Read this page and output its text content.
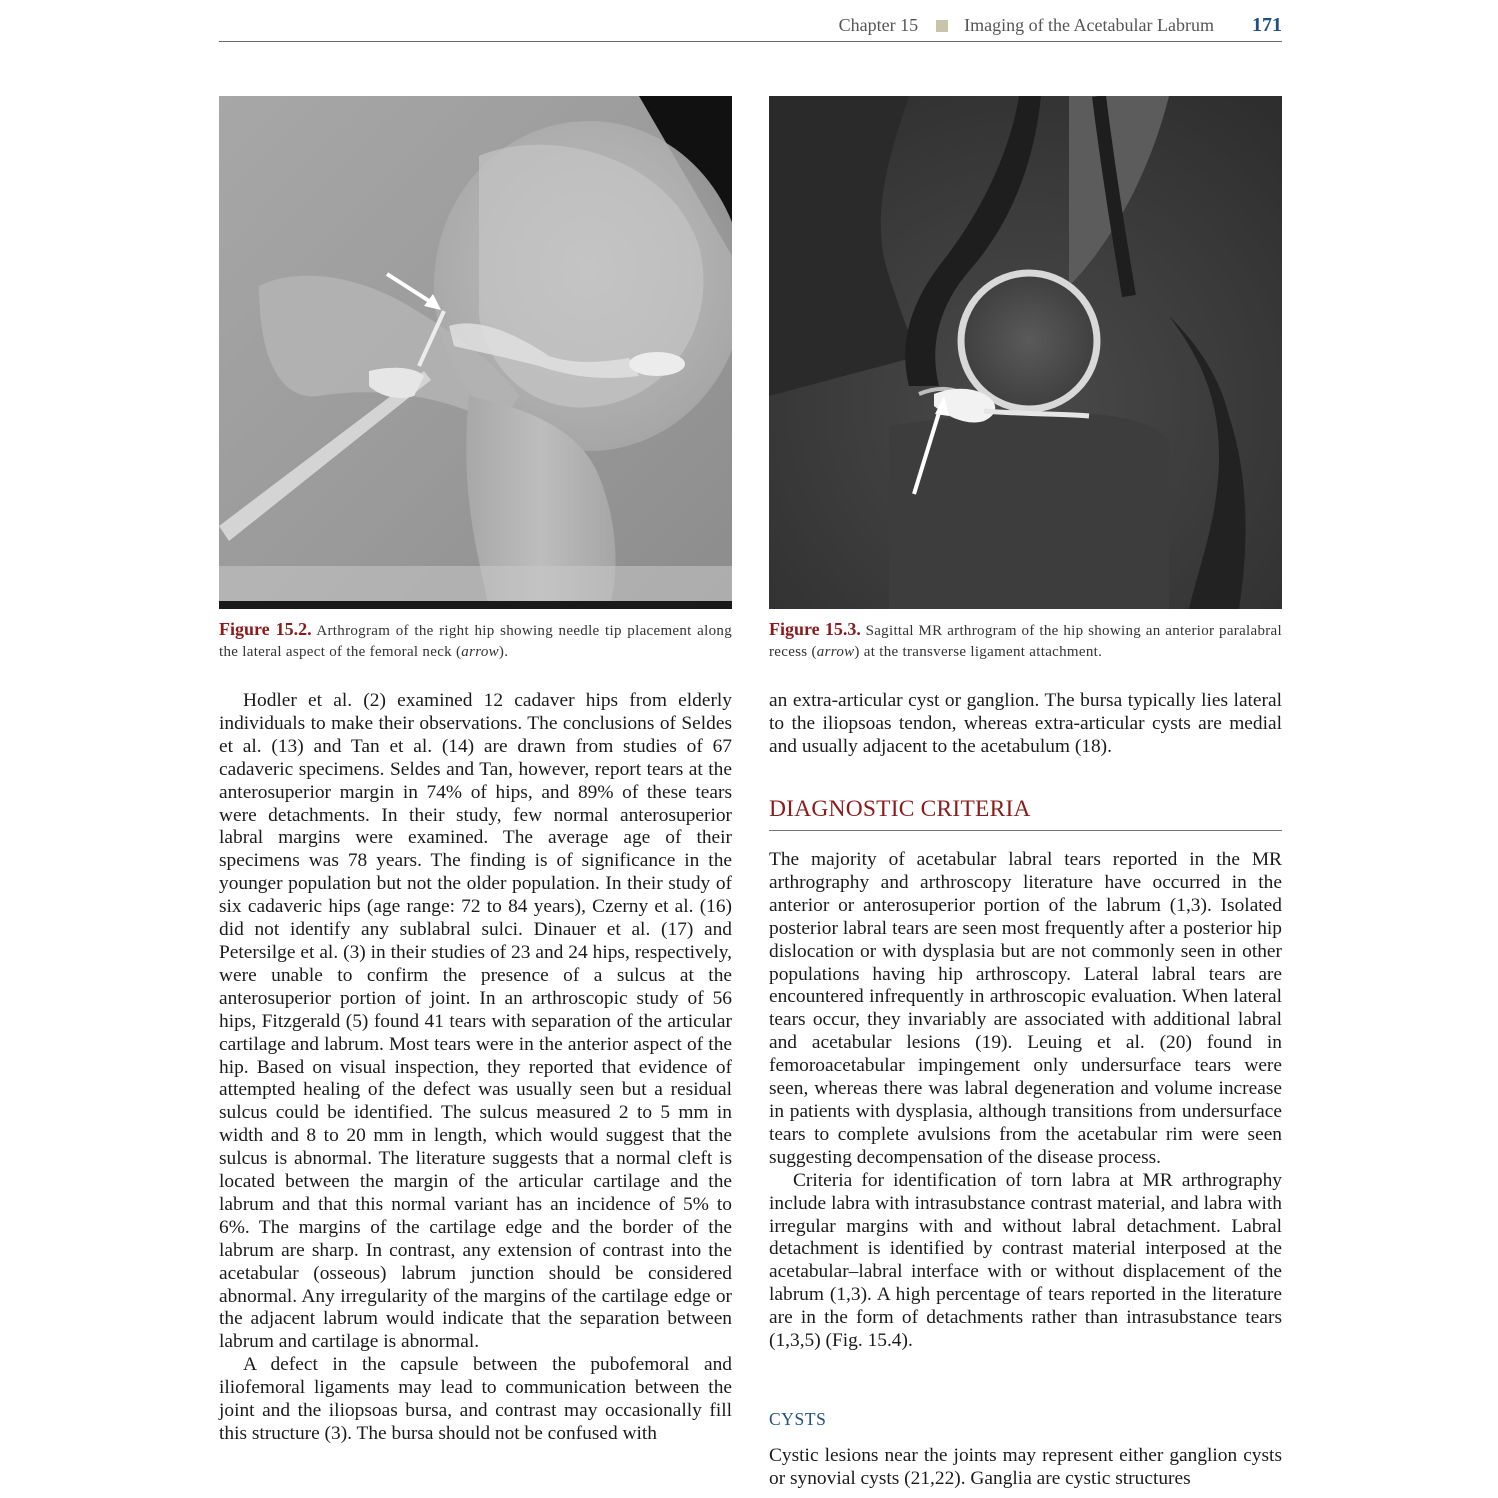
Chapter 15	Imaging of the Acetabular Labrum 171
Figure 15.2. Arthrogram of the right hip showing needle tip placement along the lateral aspect of the femoral neck (arrow).
Figure 15.3. Sagittal MR arthrogram of the hip showing an anterior paralabral recess (arrow) at the transverse ligament attachment.

Hodler et al. (2) examined 12 cadaver hips from elderly individuals to make their observations. The conclusions of Seldes et al. (13) and Tan et al. (14) are drawn from studies of 67 cadaveric specimens. Seldes and Tan, however, report tears at the anterosuperior margin in 74% of hips, and 89% of these tears were detachments. In their study, few normal anterosuperior labral margins were examined. The average age of their specimens was 78 years. The finding is of significance in the younger population but not the older population. In their study of six cadaveric hips (age range: 72 to 84 years), Czerny et al. (16) did not identify any sublabral sulci. Dinauer et al. (17) and Petersilge et al. (3) in their studies of 23 and 24 hips, respectively, were unable to confirm the presence of a sulcus at the anterosuperior portion of joint. In an arthroscopic study of 56 hips, Fitzgerald (5) found 41 tears with separation of the articular cartilage and labrum. Most tears were in the anterior aspect of the hip. Based on visual inspection, they reported that evidence of attempted healing of the defect was usually seen but a residual sulcus could be identified. The sulcus measured 2 to 5 mm in width and 8 to 20 mm in length, which would suggest that the sulcus is abnormal. The literature suggests that a normal cleft is located between the margin of the articular cartilage and the labrum and that this normal variant has an incidence of 5% to 6%. The margins of the cartilage edge and the border of the labrum are sharp. In contrast, any extension of contrast into the acetabular (osseous) labrum junction should be considered abnormal. Any irregularity of the margins of the cartilage edge or the adjacent labrum would indicate that the separation between labrum and cartilage is abnormal.

A defect in the capsule between the pubofemoral and iliofemoral ligaments may lead to communication between the joint and the iliopsoas bursa, and contrast may occasionally fill this structure (3). The bursa should not be confused with

an extra-articular cyst or ganglion. The bursa typically lies lateral to the iliopsoas tendon, whereas extra-articular cysts are medial and usually adjacent to the acetabulum (18).

DIAGNOSTIC CRITERIA

The majority of acetabular labral tears reported in the MR arthrography and arthroscopy literature have occurred in the anterior or anterosuperior portion of the labrum (1,3). Isolated posterior labral tears are seen most frequently after a posterior hip dislocation or with dysplasia but are not commonly seen in other populations having hip arthroscopy. Lateral labral tears are encountered infrequently in arthroscopic evaluation. When lateral tears occur, they invariably are associated with additional labral and acetabular lesions (19). Leuing et al. (20) found in femoroacetabular impingement only undersurface tears were seen, whereas there was labral degeneration and volume increase in patients with dysplasia, although transitions from undersurface tears to complete avulsions from the acetabular rim were seen suggesting decompensation of the disease process.

Criteria for identification of torn labra at MR arthrography include labra with intrasubstance contrast material, and labra with irregular margins with and without labral detachment. Labral detachment is identified by contrast material interposed at the acetabular–labral interface with or without displacement of the labrum (1,3). A high percentage of tears reported in the literature are in the form of detachments rather than intrasubstance tears (1,3,5) (Fig. 15.4).

CYSTS

Cystic lesions near the joints may represent either ganglion cysts or synovial cysts (21,22). Ganglia are cystic structures
